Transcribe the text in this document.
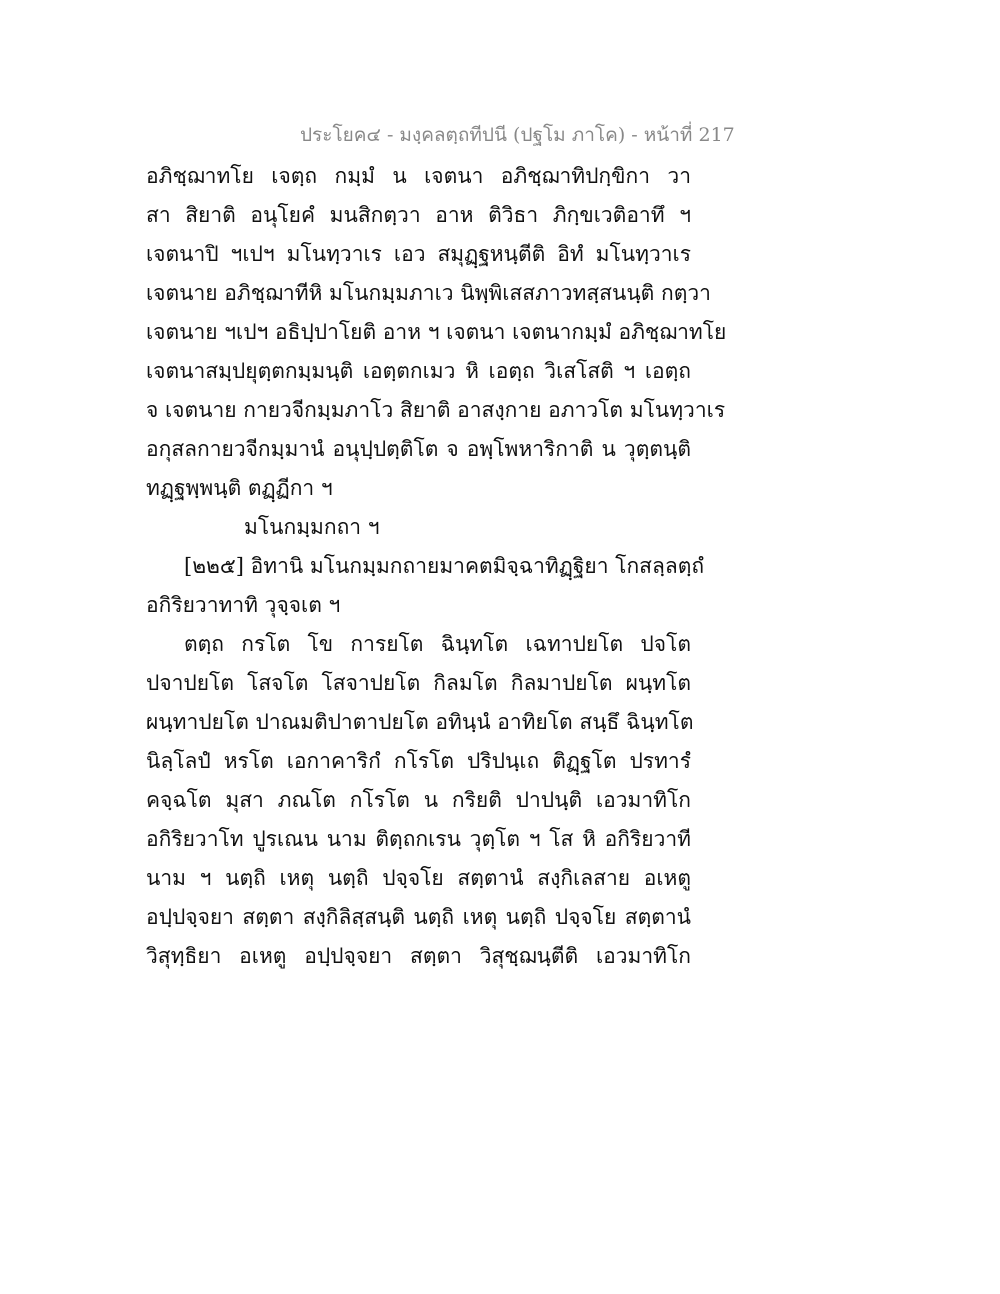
ประโยค๔ - มงฺคลตฺถทีปนี (ปฐโม ภาโค) - หน้าที่ 217
อภิชฺฌาทโย เจตฺถ กมฺมํ น เจตนา อภิชฺฌาทิปกฺขิกา วา
สา สิยาติ อนุโยคํ มนสิกตฺวา อาห ติวิธา ภิกฺขเวติอาทึ ฯ
เจตนาปิ ฯเปฯ มโนทฺวาเร เอว สมุฏฺฐหนฺตีติ อิทํ มโนทฺวาเร
เจตนาย อภิชฺฌาทีหิ มโนกมฺมภาเว นิพฺพิเสสภาวทสฺสนนฺติ กตฺวา
เจตนาย ฯเปฯ อธิปฺปาโยติ อาห ฯ เจตนา เจตนากมฺมํ อภิชฺฌาทโย
เจตนาสมฺปยุตฺตกมฺมนฺติ เอตฺตกเมว หิ เอตฺถ วิเสโสติ ฯ เอตฺถ
จ เจตนาย กายวจีกมฺมภาโว สิยาติ อาสงฺกาย อภาวโต มโนทฺวาเร
อกุสลกายวจีกมฺมานํ อนุปฺปตฺติโต จ อพฺโพหาริกาติ น วุตฺตนฺติ
ทฏฺฐพฺพนฺติ ตฏฺฏีกา ฯ
มโนกมฺมกถา ฯ
[๒๒๕] อิทานิ มโนกมฺมกถายมาคตมิจฺฉาทิฏฺฐิยา โกสลฺลตฺถํ
อกิริยวาทาทิ วุจฺจเต ฯ
ตตฺถ กรโต โข การยโต ฉินฺทโต เฉทาปยโต ปจโต
ปจาปยโต โสจโต โสจาปยโต กิลมโต กิลมาปยโต ผนฺทโต
ผนฺทาปยโต ปาณมติปาตาปยโต อทินฺนํ อาทิยโต สนฺธึ ฉินฺทโต
นิลฺโลปํ หรโต เอกาคาริกํ กโรโต ปริปนฺเถ ติฏฺฐโต ปรทารํ
คจฺฉโต มุสา ภณโต กโรโต น กริยติ ปาปนฺติ เอวมาทิโก
อกิริยวาโท ปูรเณน นาม ติตฺถกเรน วุตฺโต ฯ โส หิ อกิริยวาที
นาม ฯ นตฺถิ เหตุ นตฺถิ ปจฺจโย สตฺตานํ สงฺกิเลสาย อเหตู
อปฺปจฺจยา สตฺตา สงฺกิลิสฺสนฺติ นตฺถิ เหตุ นตฺถิ ปจฺจโย สตฺตานํ
วิสุทฺธิยา อเหตู อปฺปจฺจยา สตฺตา วิสุชฺฌนฺตีติ เอวมาทิโก
